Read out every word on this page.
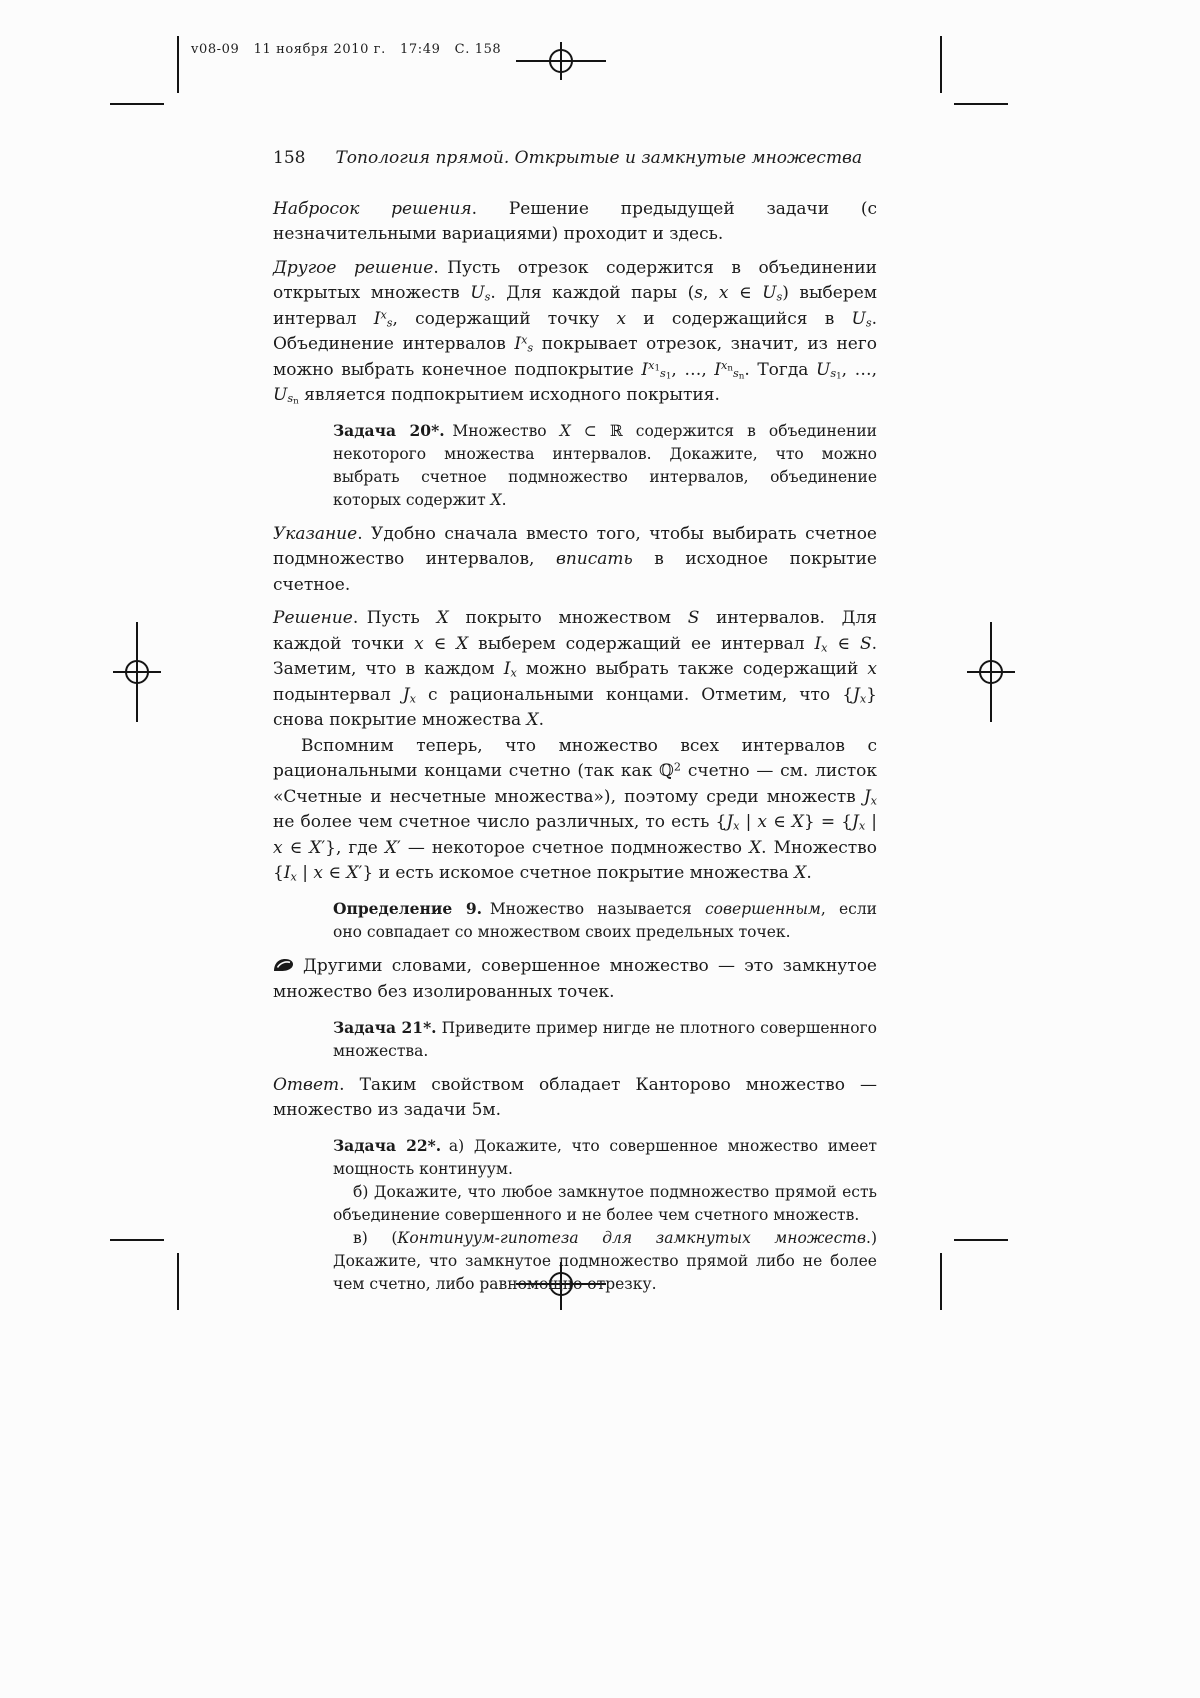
v08-09   11 ноября 2010 г.   17:49   С. 158
158 Топология прямой. Открытые и замкнутые множества

Набросок решения. Решение предыдущей задачи (с незначительными вариациями) проходит и здесь.

Другое решение. Пусть отрезок содержится в объединении открытых множеств $U_s$. Для каждой пары (s, x ∈ $U_s$) выберем интервал $I^x_s$, содержащий точку x и содержащийся в $U_s$. Объединение интервалов $I^x_s$ покрывает отрезок, значит, из него можно выбрать конечное подпокрытие $I^{x_1}_{s_1}$, …, $I^{x_n}_{s_n}$. Тогда $U_{s_1}$, …, $U_{s_n}$ является подпокрытием исходного покрытия.

Задача 20*. Множество X ⊂ ℝ содержится в объединении некоторого множества интервалов. Докажите, что можно выбрать счетное подмножество интервалов, объединение которых содержит X.

Указание. Удобно сначала вместо того, чтобы выбирать счетное подмножество интервалов, вписать в исходное покрытие счетное.

Решение. Пусть X покрыто множеством S интервалов. Для каждой точки x ∈ X выберем содержащий ее интервал $I_x$ ∈ S. Заметим, что в каждом $I_x$ можно выбрать также содержащий x подынтервал $J_x$ с рациональными концами. Отметим, что $\{J_x\}$ снова покрытие множества X.

Вспомним теперь, что множество всех интервалов с рациональными концами счетно (так как ℚ$^2$ счетно — см. листок «Счетные и несчетные множества»), поэтому среди множеств $J_x$ не более чем счетное число различных, то есть {$J_x$ | x ∈ $X\} = \{J_x$ | x ∈ X′}, где X′ — некоторое счетное подмножество X. Множество {$I_x$ | x ∈ X′} и есть искомое счетное покрытие множества X.

Определение 9. Множество называется совершенным, если оно совпадает со множеством своих предельных точек.

Другими словами, совершенное множество — это замкнутое множество без изолированных точек.

Задача 21*. Приведите пример нигде не плотного совершенного множества.

Ответ. Таким свойством обладает Канторово множество — множество из задачи 5м.

Задача 22*. а) Докажите, что совершенное множество имеет мощность континуум.

б) Докажите, что любое замкнутое подмножество прямой есть объединение совершенного и не более чем счетного множеств.

в) (Континуум-гипотеза для замкнутых множеств.) Докажите, что замкнутое подмножество прямой либо не более чем счетно, либо равномощно отрезку.
